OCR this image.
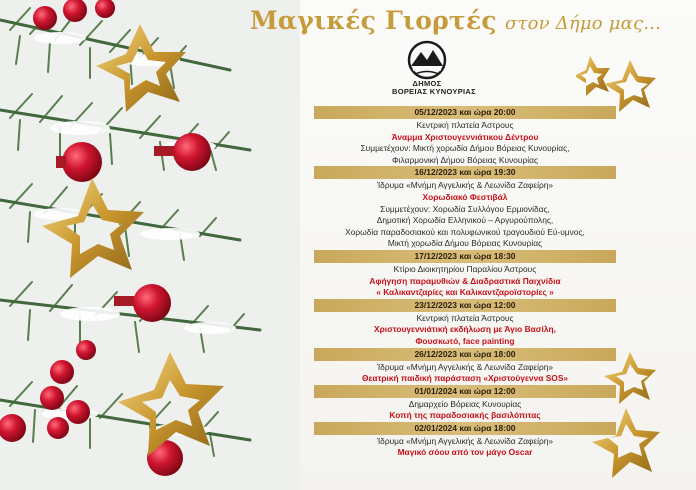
Μαγικές Γιορτές στον Δήμο μας...
ΔΗΜΟΣ
ΒΟΡΕΙΑΣ ΚΥΝΟΥΡΙΑΣ
05/12/2023 και ώρα 20:00
Κεντρική πλατεία Άστρους
Άναμμα Χριστουγεννιάτικου Δέντρου
Συμμετέχουν: Μικτή χορωδία Δήμου Βόρειας Κυνουρίας,
Φιλαρμονική Δήμου Βόρειας Κυνουρίας
16/12/2023 και ώρα 19:30
Ίδρυμα «Μνήμη Αγγελικής & Λεωνίδα Ζαφείρη»
Χορωδιακό Φεστιβάλ
Συμμετέχουν: Χορωδία Συλλόγου Ερμιονίδας,
Δημοτική Χορωδία Ελληνικού – Αργυρούπολης,
Χορωδία παραδοσιακού και πολυφωνικού τραγουδιού Εύ-υμνος,
Μικτή χορωδία Δήμου Βόρειας Κυνουρίας
17/12/2023 και ώρα 18:30
Κτίριο Διοικητηρίου Παραλίου Άστρους
Αφήγηση παραμυθιών & Διαδραστικά Παιχνίδια
« Καλικαντζαρίες και Καλικαντζαροϊστορίες »
23/12/2023 και ώρα 12:00
Κεντρική πλατεία Άστρους
Χριστουγεννιάτική εκδήλωση με Άγιο Βασίλη,
Φουσκωτό, face painting
26/12/2023 και ώρα 18:00
Ίδρυμα «Μνήμη Αγγελικής & Λεωνίδα Ζαφείρη»
Θεατρική παιδική παράσταση «Χριστούγεννα SOS»
01/01/2024 και ώρα 12:00
Δημαρχείο Βόρειας Κυνουρίας
Κοπή της παραδοσιακής βασιλόπιτας
02/01/2024 και ώρα 18:00
Ίδρυμα «Μνήμη Αγγελικής & Λεωνίδα Ζαφείρη»
Μαγικό σόου από τον μάγο Oscar
